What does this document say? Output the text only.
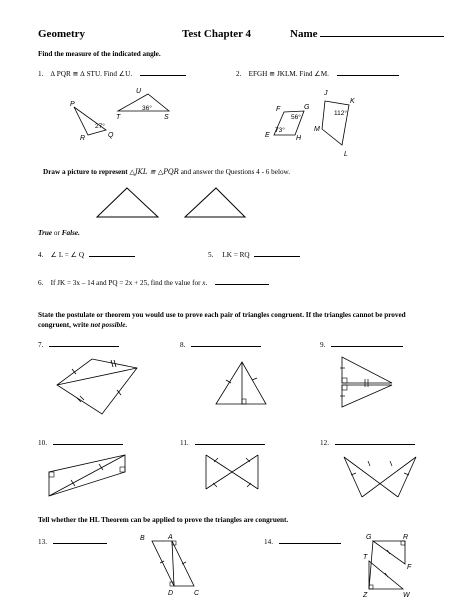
Geometry	Test Chapter 4	Name
Find the measure of the indicated angle.
1. ∆ PQR ≅ ∆ STU. Find ∠U.	2. EFGH ≅ JKLM. Find ∠M.
U
P
S
T
R	Q
36°
27°
G
F
E	H
J
K
M
L
56°
73°
112°
Draw a picture to represent △JKL ≅ △PQR and answer the Questions 4 - 6 below.
True or False.
4. ∠ L = ∠ Q	5. LK = RQ
6. If JK = 3x – 14 and PQ = 2x + 25, find the value for x.
State the postulate or theorem you would use to prove each pair of triangles congruent. If the triangles cannot be proved congruent, write not possible.
7.	8.	9.
10.	11.	12.
Tell whether the HL Theorem can be applied to prove the triangles are congruent.
13.	14.
B	A
D	C
G	R
T
F
Z	W
